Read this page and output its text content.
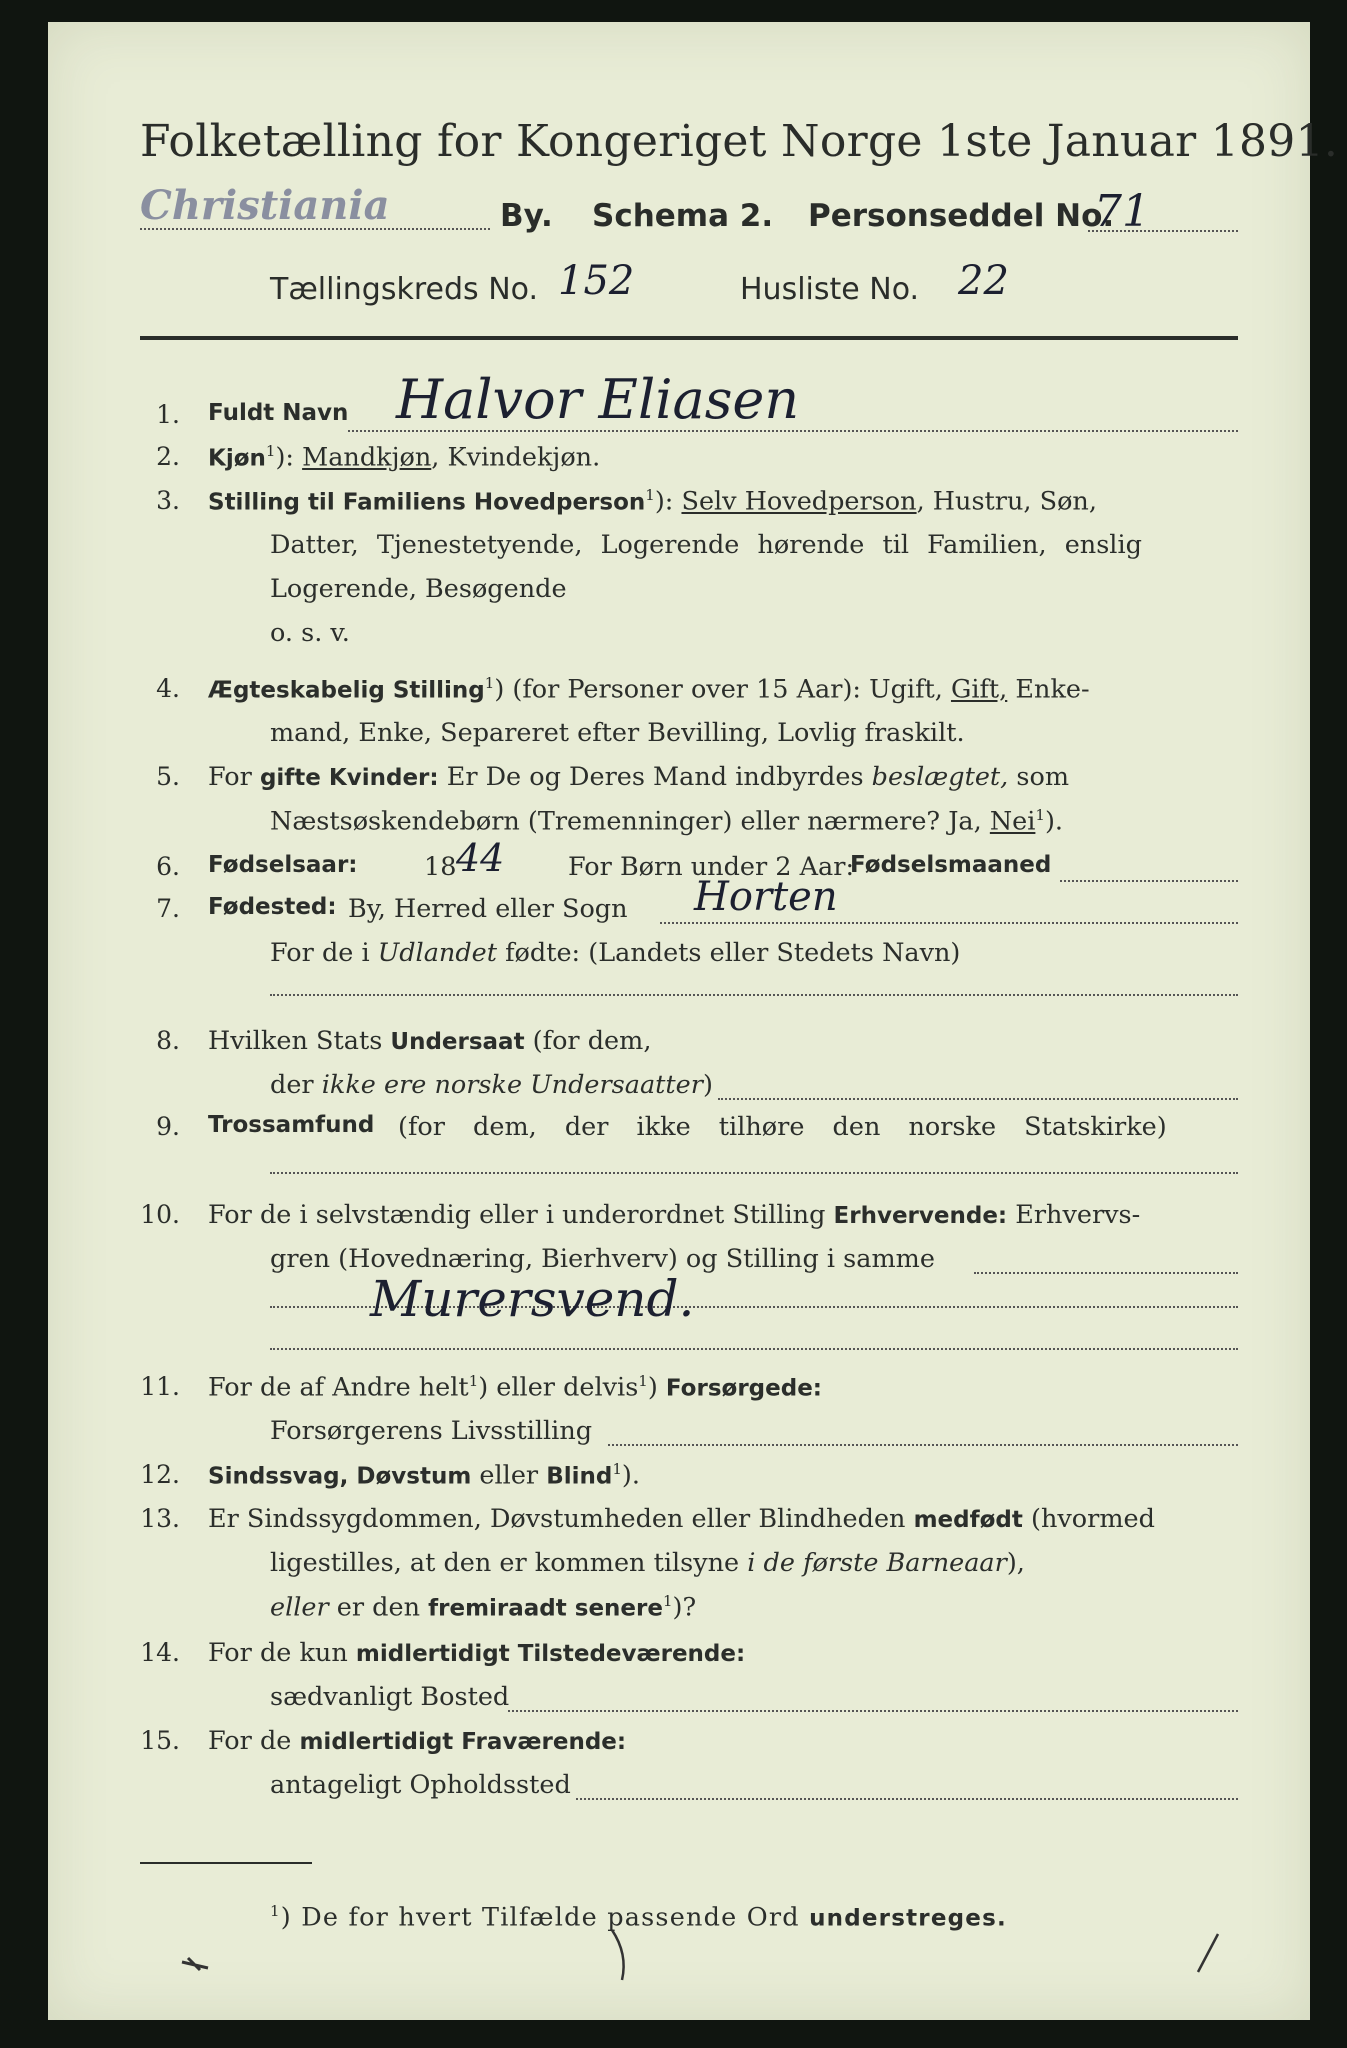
Folketælling for Kongeriget Norge 1ste Januar 1891.
Christiania	By. Schema 2. Personseddel No.
71
Tællingskreds No. 152	Husliste No. 22
1. Fuldt Navn Halvor Eliasen
2. Kjøn$^1$): Mandkjøn, Kvindekjøn.
3. Stilling til Familiens Hovedperson$^1$): Selv Hovedperson, Hustru, Søn,
Datter, Tjenestetyende, Logerende hørende til Familien, enslig
Logerende, Besøgende
o. s. v.
4. Ægteskabelig Stilling$^1$) (for Personer over 15 Aar): Ugift, Gift, Enke-
mand, Enke, Separeret efter Bevilling, Lovlig fraskilt.
5. For gifte Kvinder: Er De og Deres Mand indbyrdes beslægtet, som
Næstsøskendebørn (Tremenninger) eller nærmere? Ja, Nei$^1$).
6. Fødselsaar:	18 44 For Børn under 2 Aar:
Fødselsmaaned
7. Fødested: By, Herred eller Sogn Horten
For de i Udlandet fødte: (Landets eller Stedets Navn)
8. Hvilken Stats Undersaat (for dem,
der ikke ere norske Undersaatter)
9. Trossamfund (for dem, der ikke tilhøre den norske Statskirke)
10. For de i selvstændig eller i underordnet Stilling Erhvervende: Erhvervs-
gren (Hovednæring, Bierhverv) og Stilling i samme
Murersvend.
11. For de af Andre helt$^1$) eller delvis$^1$) Forsørgede:
Forsørgerens Livsstilling
12. Sindssvag, Døvstum eller Blind$^1$).
13. Er Sindssygdommen, Døvstumheden eller Blindheden medfødt (hvormed
ligestilles, at den er kommen tilsyne i de første Barneaar),
eller er den fremiraadt senere$^1$)?
14. For de kun midlertidigt Tilstedeværende:
sædvanligt Bosted
15. For de midlertidigt Fraværende:
antageligt Opholdssted
$^1$) De for hvert Tilfælde passende Ord understreges.
